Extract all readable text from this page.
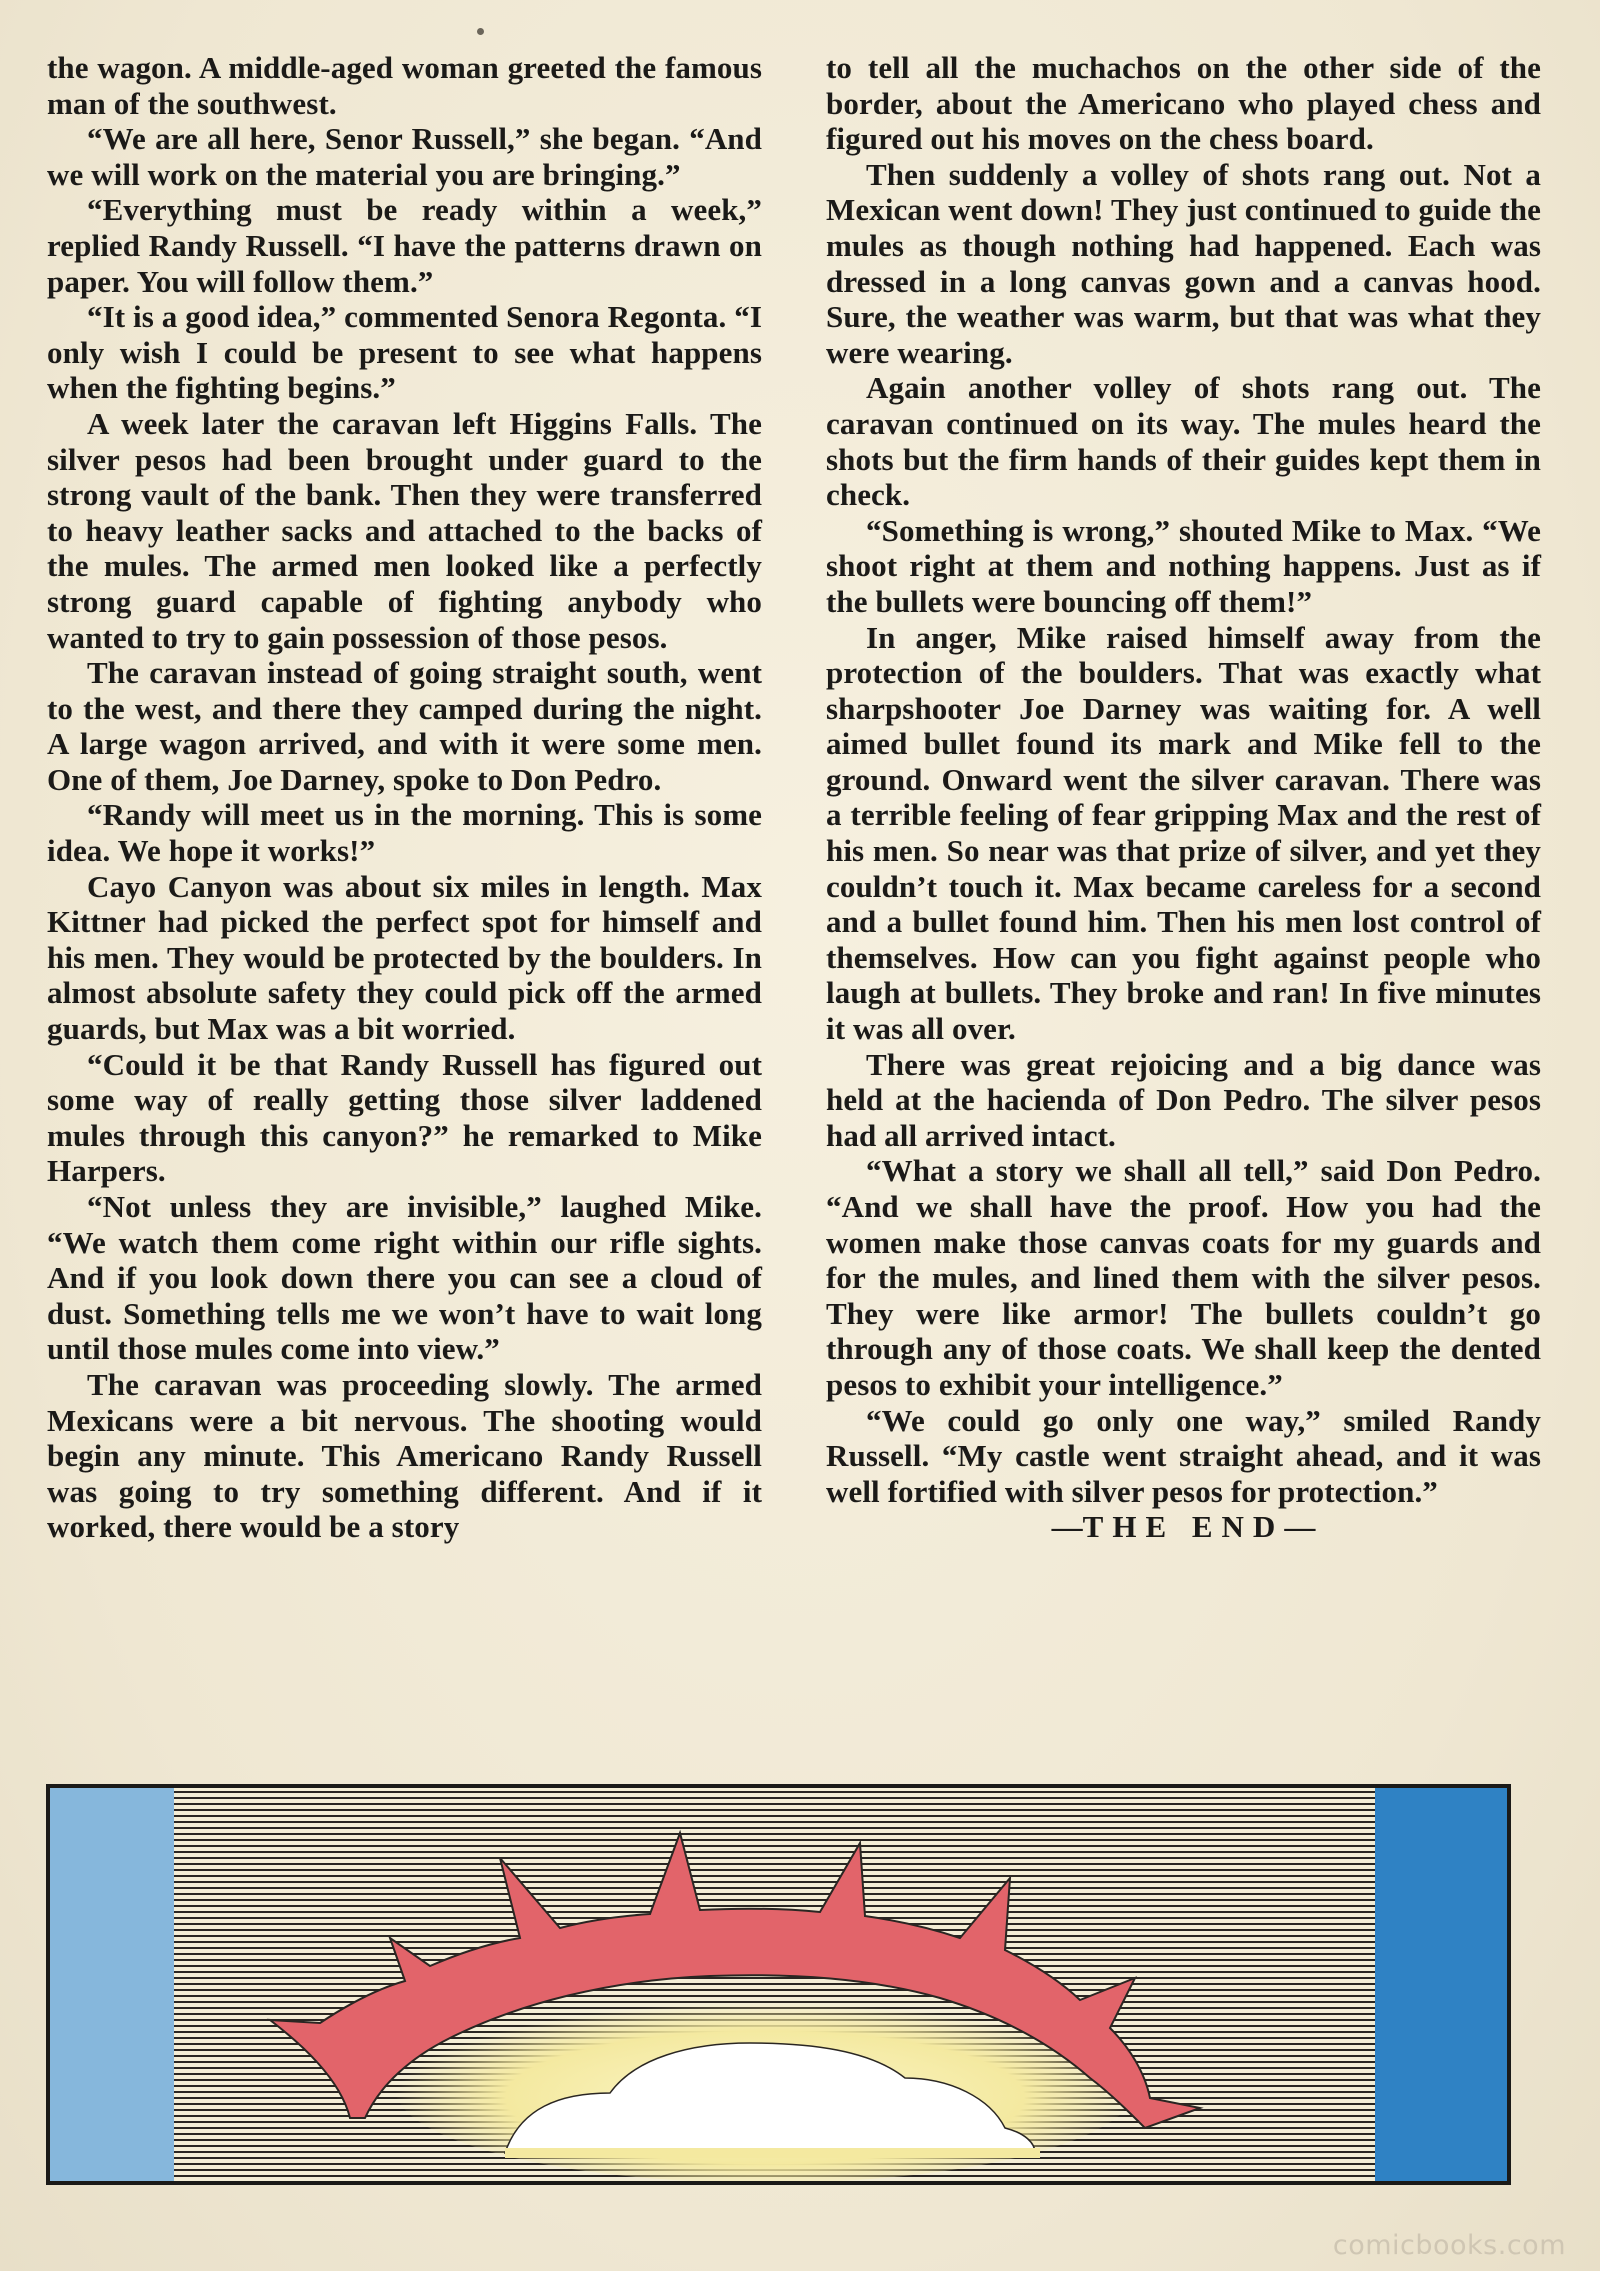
the wagon. A middle-aged woman greeted the famous man of the southwest.

“We are all here, Senor Russell,” she began. “And we will work on the material you are bringing.”

“Everything must be ready within a week,” replied Randy Russell. “I have the patterns drawn on paper. You will follow them.”

“It is a good idea,” commented Senora Regonta. “I only wish I could be present to see what happens when the fighting begins.”

A week later the caravan left Higgins Falls. The silver pesos had been brought under guard to the strong vault of the bank. Then they were transferred to heavy leather sacks and attached to the backs of the mules. The armed men looked like a perfectly strong guard capable of fighting anybody who wanted to try to gain possession of those pesos.

The caravan instead of going straight south, went to the west, and there they camped during the night. A large wagon arrived, and with it were some men. One of them, Joe Darney, spoke to Don Pedro.

“Randy will meet us in the morning. This is some idea. We hope it works!”

Cayo Canyon was about six miles in length. Max Kittner had picked the perfect spot for himself and his men. They would be protected by the boulders. In almost absolute safety they could pick off the armed guards, but Max was a bit worried.

“Could it be that Randy Russell has figured out some way of really getting those silver laddened mules through this canyon?” he remarked to Mike Harpers.

“Not unless they are invisible,” laughed Mike. “We watch them come right within our rifle sights. And if you look down there you can see a cloud of dust. Something tells me we won’t have to wait long until those mules come into view.”

The caravan was proceeding slowly. The armed Mexicans were a bit nervous. The shooting would begin any minute. This Americano Randy Russell was going to try something different. And if it worked, there would be a story

to tell all the muchachos on the other side of the border, about the Americano who played chess and figured out his moves on the chess board.

Then suddenly a volley of shots rang out. Not a Mexican went down! They just continued to guide the mules as though nothing had happened. Each was dressed in a long canvas gown and a canvas hood. Sure, the weather was warm, but that was what they were wearing.

Again another volley of shots rang out. The caravan continued on its way. The mules heard the shots but the firm hands of their guides kept them in check.

“Something is wrong,” shouted Mike to Max. “We shoot right at them and nothing happens. Just as if the bullets were bouncing off them!”

In anger, Mike raised himself away from the protection of the boulders. That was exactly what sharpshooter Joe Darney was waiting for. A well aimed bullet found its mark and Mike fell to the ground. Onward went the silver caravan. There was a terrible feeling of fear gripping Max and the rest of his men. So near was that prize of silver, and yet they couldn’t touch it. Max became careless for a second and a bullet found him. Then his men lost control of themselves. How can you fight against people who laugh at bullets. They broke and ran! In five minutes it was all over.

There was great rejoicing and a big dance was held at the hacienda of Don Pedro. The silver pesos had all arrived intact.

“What a story we shall all tell,” said Don Pedro. “And we shall have the proof. How you had the women make those canvas coats for my guards and for the mules, and lined them with the silver pesos. They were like armor! The bullets couldn’t go through any of those coats. We shall keep the dented pesos to exhibit your intelligence.”

“We could go only one way,” smiled Randy Russell. “My castle went straight ahead, and it was well fortified with silver pesos for protection.”

—THE END—

comicbooks.com
